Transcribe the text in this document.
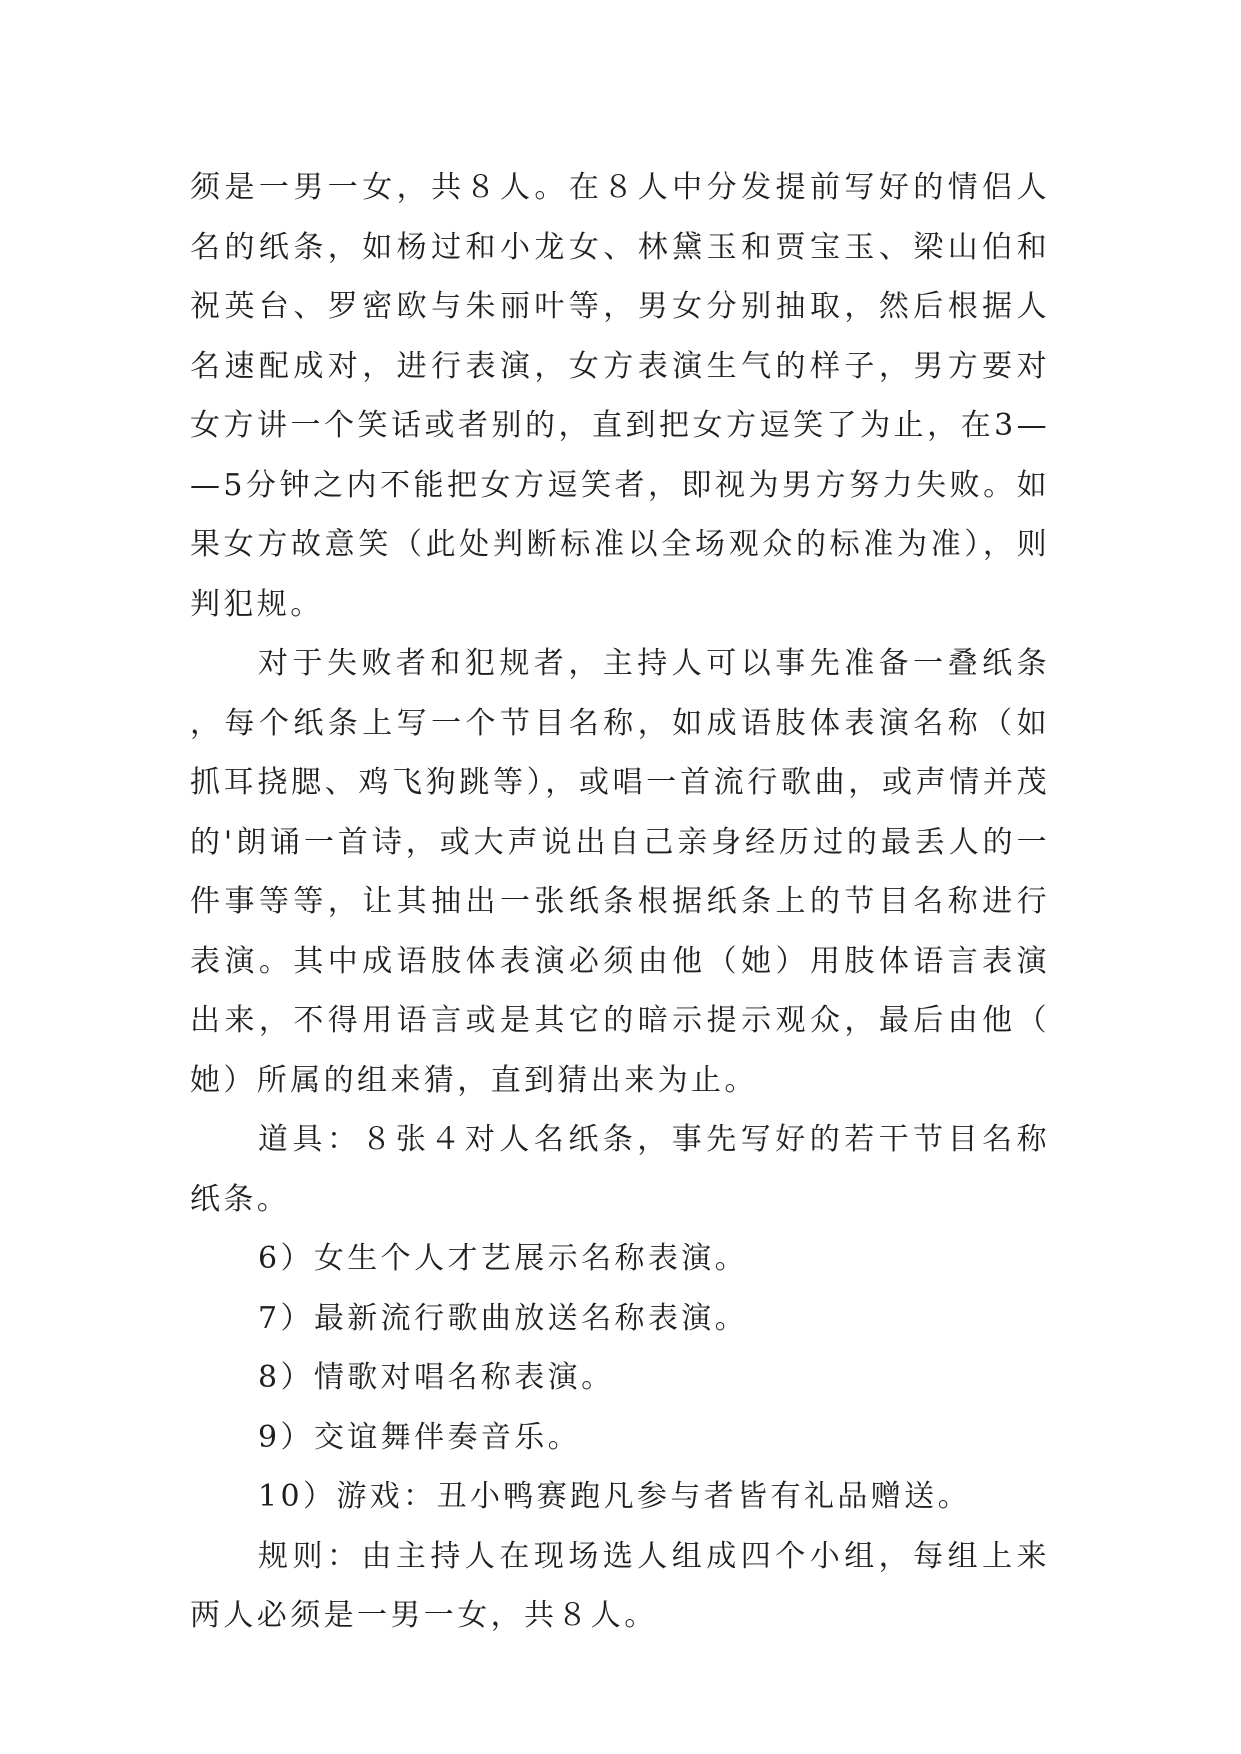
须是一男一女，共８人。在８人中分发提前写好的情侣人名的纸条，如杨过和小龙女、林黛玉和贾宝玉、梁山伯和祝英台、罗密欧与朱丽叶等，男女分别抽取，然后根据人名速配成对，进行表演，女方表演生气的样子，男方要对女方讲一个笑话或者别的，直到把女方逗笑了为止，在3——5分钟之内不能把女方逗笑者，即视为男方努力失败。如果女方故意笑（此处判断标准以全场观众的标准为准），则判犯规。

对于失败者和犯规者，主持人可以事先准备一叠纸条，每个纸条上写一个节目名称，如成语肢体表演名称（如抓耳挠腮、鸡飞狗跳等），或唱一首流行歌曲，或声情并茂的'朗诵一首诗，或大声说出自己亲身经历过的最丢人的一件事等等，让其抽出一张纸条根据纸条上的节目名称进行表演。其中成语肢体表演必须由他（她）用肢体语言表演出来，不得用语言或是其它的暗示提示观众，最后由他（她）所属的组来猜，直到猜出来为止。

道具：８张４对人名纸条，事先写好的若干节目名称纸条。

6）女生个人才艺展示名称表演。

7）最新流行歌曲放送名称表演。

8）情歌对唱名称表演。

9）交谊舞伴奏音乐。

10）游戏：丑小鸭赛跑凡参与者皆有礼品赠送。

规则：由主持人在现场选人组成四个小组，每组上来两人必须是一男一女，共８人。
